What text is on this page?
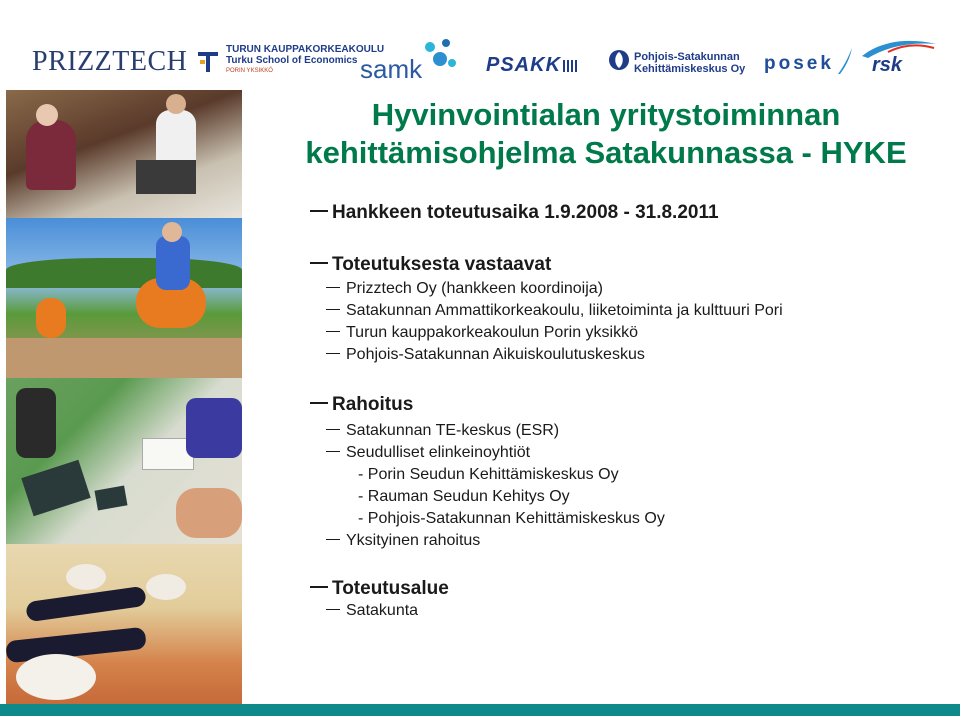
PRIZZTECH	TURUN KAUPPAKORKEAKOULU
Turku School of Economics
PORIN YKSIKKÖ	samk	PSAKK	Pohjois-Satakunnan
Kehittämiskeskus Oy posek rsk
Hyvinvointialan yritystoiminnan
kehittämisohjelma Satakunnassa - HYKE
Hankkeen toteutusaika 1.9.2008 - 31.8.2011
Toteutuksesta vastaavat
Prizztech Oy (hankkeen koordinoija)
Satakunnan Ammattikorkeakoulu, liiketoiminta ja kulttuuri Pori
Turun kauppakorkeakoulun Porin yksikkö
Pohjois-Satakunnan Aikuiskoulutuskeskus
Rahoitus
Satakunnan TE-keskus (ESR)
Seudulliset elinkeinoyhtiöt
- Porin Seudun Kehittämiskeskus Oy
- Rauman Seudun Kehitys Oy
- Pohjois-Satakunnan Kehittämiskeskus Oy
Yksityinen rahoitus
Toteutusalue
Satakunta
